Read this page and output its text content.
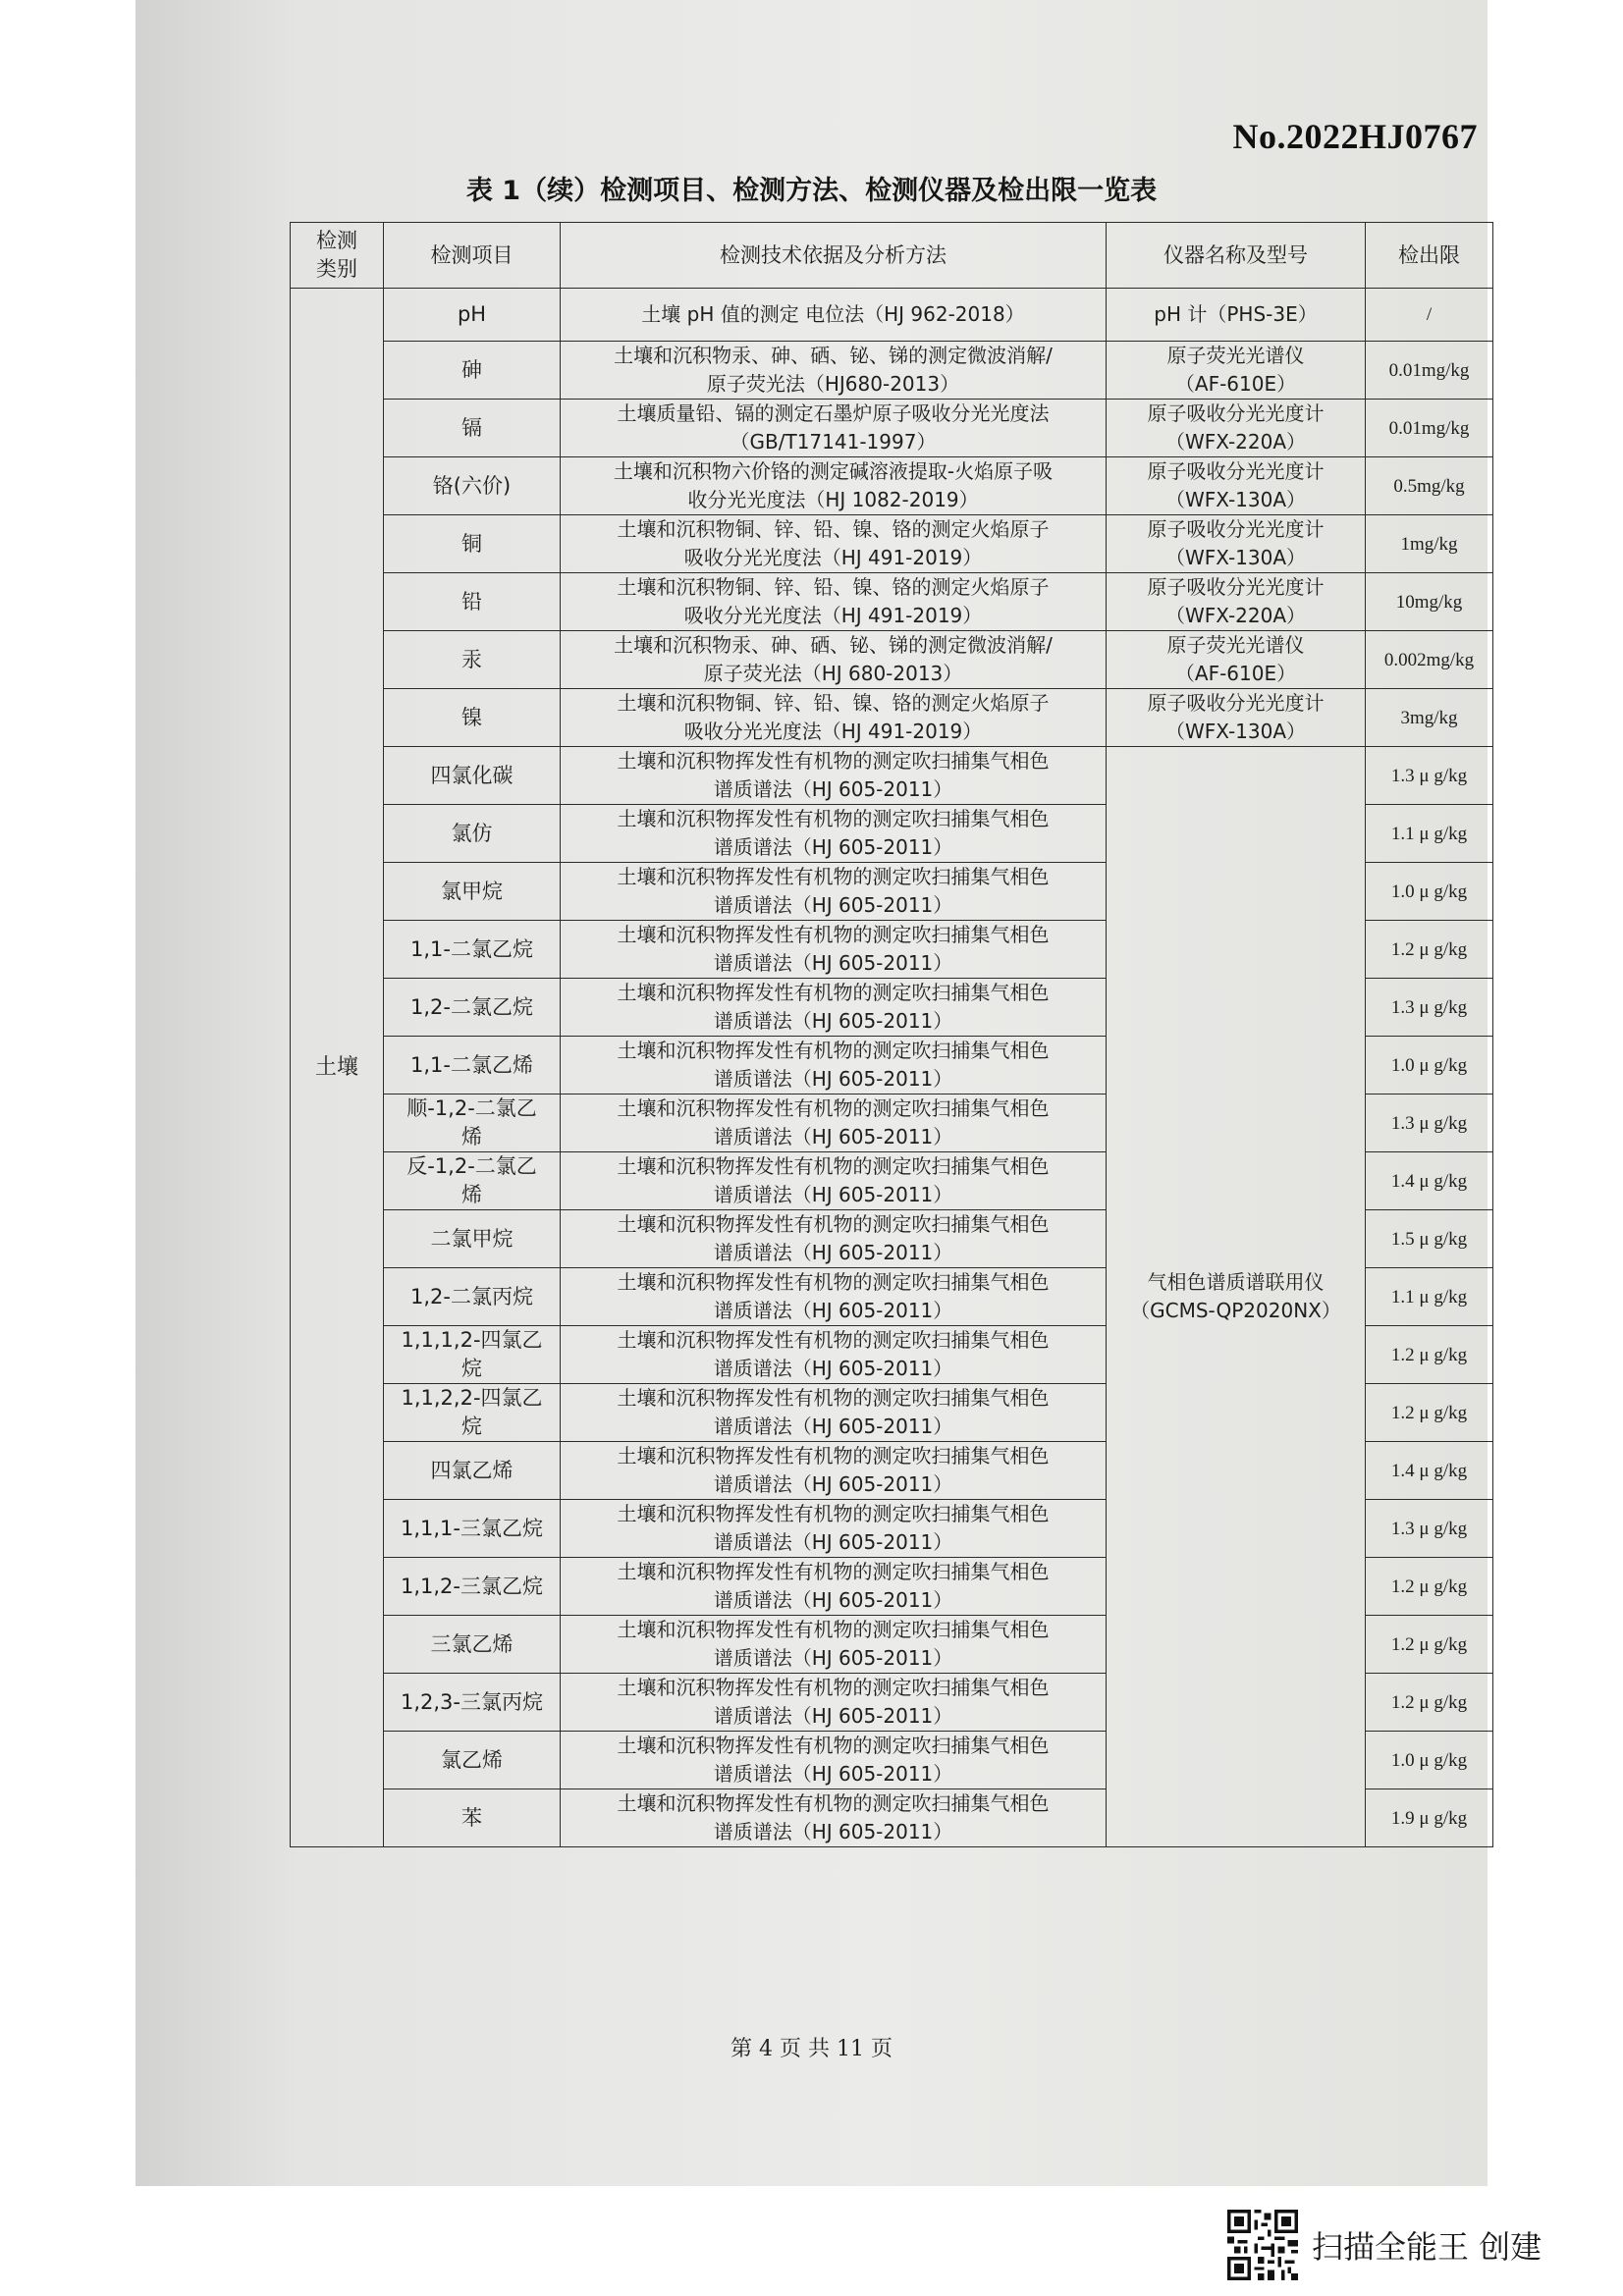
No.2022HJ0767
表 1（续）检测项目、检测方法、检测仪器及检出限一览表
检测
类别	检测项目	检测技术依据及分析方法	仪器名称及型号	检出限
土壤	pH	土壤 pH 值的测定 电位法（HJ 962-2018）	pH 计（PHS-3E）	/
	砷	土壤和沉积物汞、砷、硒、铋、锑的测定微波消解/
原子荧光法（HJ680-2013）	原子荧光光谱仪
（AF-610E）	0.01mg/kg
	镉	土壤质量铅、镉的测定石墨炉原子吸收分光光度法
（GB/T17141-1997）	原子吸收分光光度计
（WFX-220A）	0.01mg/kg
	铬(六价)	土壤和沉积物六价铬的测定碱溶液提取-火焰原子吸
收分光光度法（HJ 1082-2019）	原子吸收分光光度计
（WFX-130A）	0.5mg/kg
	铜	土壤和沉积物铜、锌、铅、镍、铬的测定火焰原子
吸收分光光度法（HJ 491-2019）	原子吸收分光光度计
（WFX-130A）	1mg/kg
	铅	土壤和沉积物铜、锌、铅、镍、铬的测定火焰原子
吸收分光光度法（HJ 491-2019）	原子吸收分光光度计
（WFX-220A）	10mg/kg
	汞	土壤和沉积物汞、砷、硒、铋、锑的测定微波消解/
原子荧光法（HJ 680-2013）	原子荧光光谱仪
（AF-610E）	0.002mg/kg
	镍	土壤和沉积物铜、锌、铅、镍、铬的测定火焰原子
吸收分光光度法（HJ 491-2019）	原子吸收分光光度计
（WFX-130A）	3mg/kg
	四氯化碳	土壤和沉积物挥发性有机物的测定吹扫捕集气相色
谱质谱法（HJ 605-2011）	气相色谱质谱联用仪
（GCMS-QP2020NX）	1.3 μ g/kg
	氯仿	土壤和沉积物挥发性有机物的测定吹扫捕集气相色
谱质谱法（HJ 605-2011）		1.1 μ g/kg
	氯甲烷	土壤和沉积物挥发性有机物的测定吹扫捕集气相色
谱质谱法（HJ 605-2011）		1.0 μ g/kg
	1,1-二氯乙烷	土壤和沉积物挥发性有机物的测定吹扫捕集气相色
谱质谱法（HJ 605-2011）		1.2 μ g/kg
	1,2-二氯乙烷	土壤和沉积物挥发性有机物的测定吹扫捕集气相色
谱质谱法（HJ 605-2011）		1.3 μ g/kg
	1,1-二氯乙烯	土壤和沉积物挥发性有机物的测定吹扫捕集气相色
谱质谱法（HJ 605-2011）		1.0 μ g/kg
	顺-1,2-二氯乙
烯	土壤和沉积物挥发性有机物的测定吹扫捕集气相色
谱质谱法（HJ 605-2011）		1.3 μ g/kg
	反-1,2-二氯乙
烯	土壤和沉积物挥发性有机物的测定吹扫捕集气相色
谱质谱法（HJ 605-2011）		1.4 μ g/kg
	二氯甲烷	土壤和沉积物挥发性有机物的测定吹扫捕集气相色
谱质谱法（HJ 605-2011）		1.5 μ g/kg
	1,2-二氯丙烷	土壤和沉积物挥发性有机物的测定吹扫捕集气相色
谱质谱法（HJ 605-2011）		1.1 μ g/kg
	1,1,1,2-四氯乙
烷	土壤和沉积物挥发性有机物的测定吹扫捕集气相色
谱质谱法（HJ 605-2011）		1.2 μ g/kg
	1,1,2,2-四氯乙
烷	土壤和沉积物挥发性有机物的测定吹扫捕集气相色
谱质谱法（HJ 605-2011）		1.2 μ g/kg
	四氯乙烯	土壤和沉积物挥发性有机物的测定吹扫捕集气相色
谱质谱法（HJ 605-2011）		1.4 μ g/kg
	1,1,1-三氯乙烷	土壤和沉积物挥发性有机物的测定吹扫捕集气相色
谱质谱法（HJ 605-2011）		1.3 μ g/kg
	1,1,2-三氯乙烷	土壤和沉积物挥发性有机物的测定吹扫捕集气相色
谱质谱法（HJ 605-2011）		1.2 μ g/kg
	三氯乙烯	土壤和沉积物挥发性有机物的测定吹扫捕集气相色
谱质谱法（HJ 605-2011）		1.2 μ g/kg
	1,2,3-三氯丙烷	土壤和沉积物挥发性有机物的测定吹扫捕集气相色
谱质谱法（HJ 605-2011）		1.2 μ g/kg
	氯乙烯	土壤和沉积物挥发性有机物的测定吹扫捕集气相色
谱质谱法（HJ 605-2011）		1.0 μ g/kg
	苯	土壤和沉积物挥发性有机物的测定吹扫捕集气相色
谱质谱法（HJ 605-2011）		1.9 μ g/kg
第 4 页 共 11 页
扫描全能王 创建
